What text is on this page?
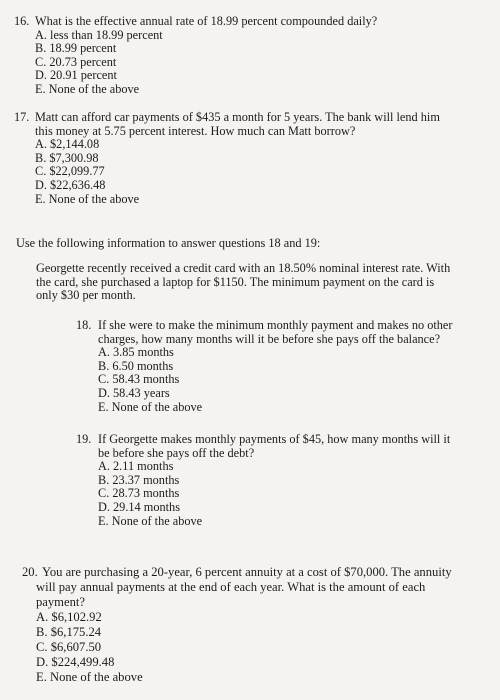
16. What is the effective annual rate of 18.99 percent compounded daily?

A. less than 18.99 percent
B. 18.99 percent
C. 20.73 percent
D. 20.91 percent
E. None of the above

17. Matt can afford car payments of $435 a month for 5 years. The bank will lend him

this money at 5.75 percent interest. How much can Matt borrow?
A. $2,144.08
B. $7,300.98
C. $22,099.77
D. $22,636.48
E. None of the above
Use the following information to answer questions 18 and 19:
Georgette recently received a credit card with an 18.50% nominal interest rate. With
the card, she purchased a laptop for $1150. The minimum payment on the card is
only $30 per month.

18. If she were to make the minimum monthly payment and makes no other

charges, how many months will it be before she pays off the balance?
A. 3.85 months
B. 6.50 months
C. 58.43 months
D. 58.43 years
E. None of the above

19. If Georgette makes monthly payments of $45, how many months will it

be before she pays off the debt?
A. 2.11 months
B. 23.37 months
C. 28.73 months
D. 29.14 months
E. None of the above

20. You are purchasing a 20-year, 6 percent annuity at a cost of $70,000. The annuity

will pay annual payments at the end of each year. What is the amount of each
payment?
A. $6,102.92
B. $6,175.24
C. $6,607.50
D. $224,499.48
E. None of the above
